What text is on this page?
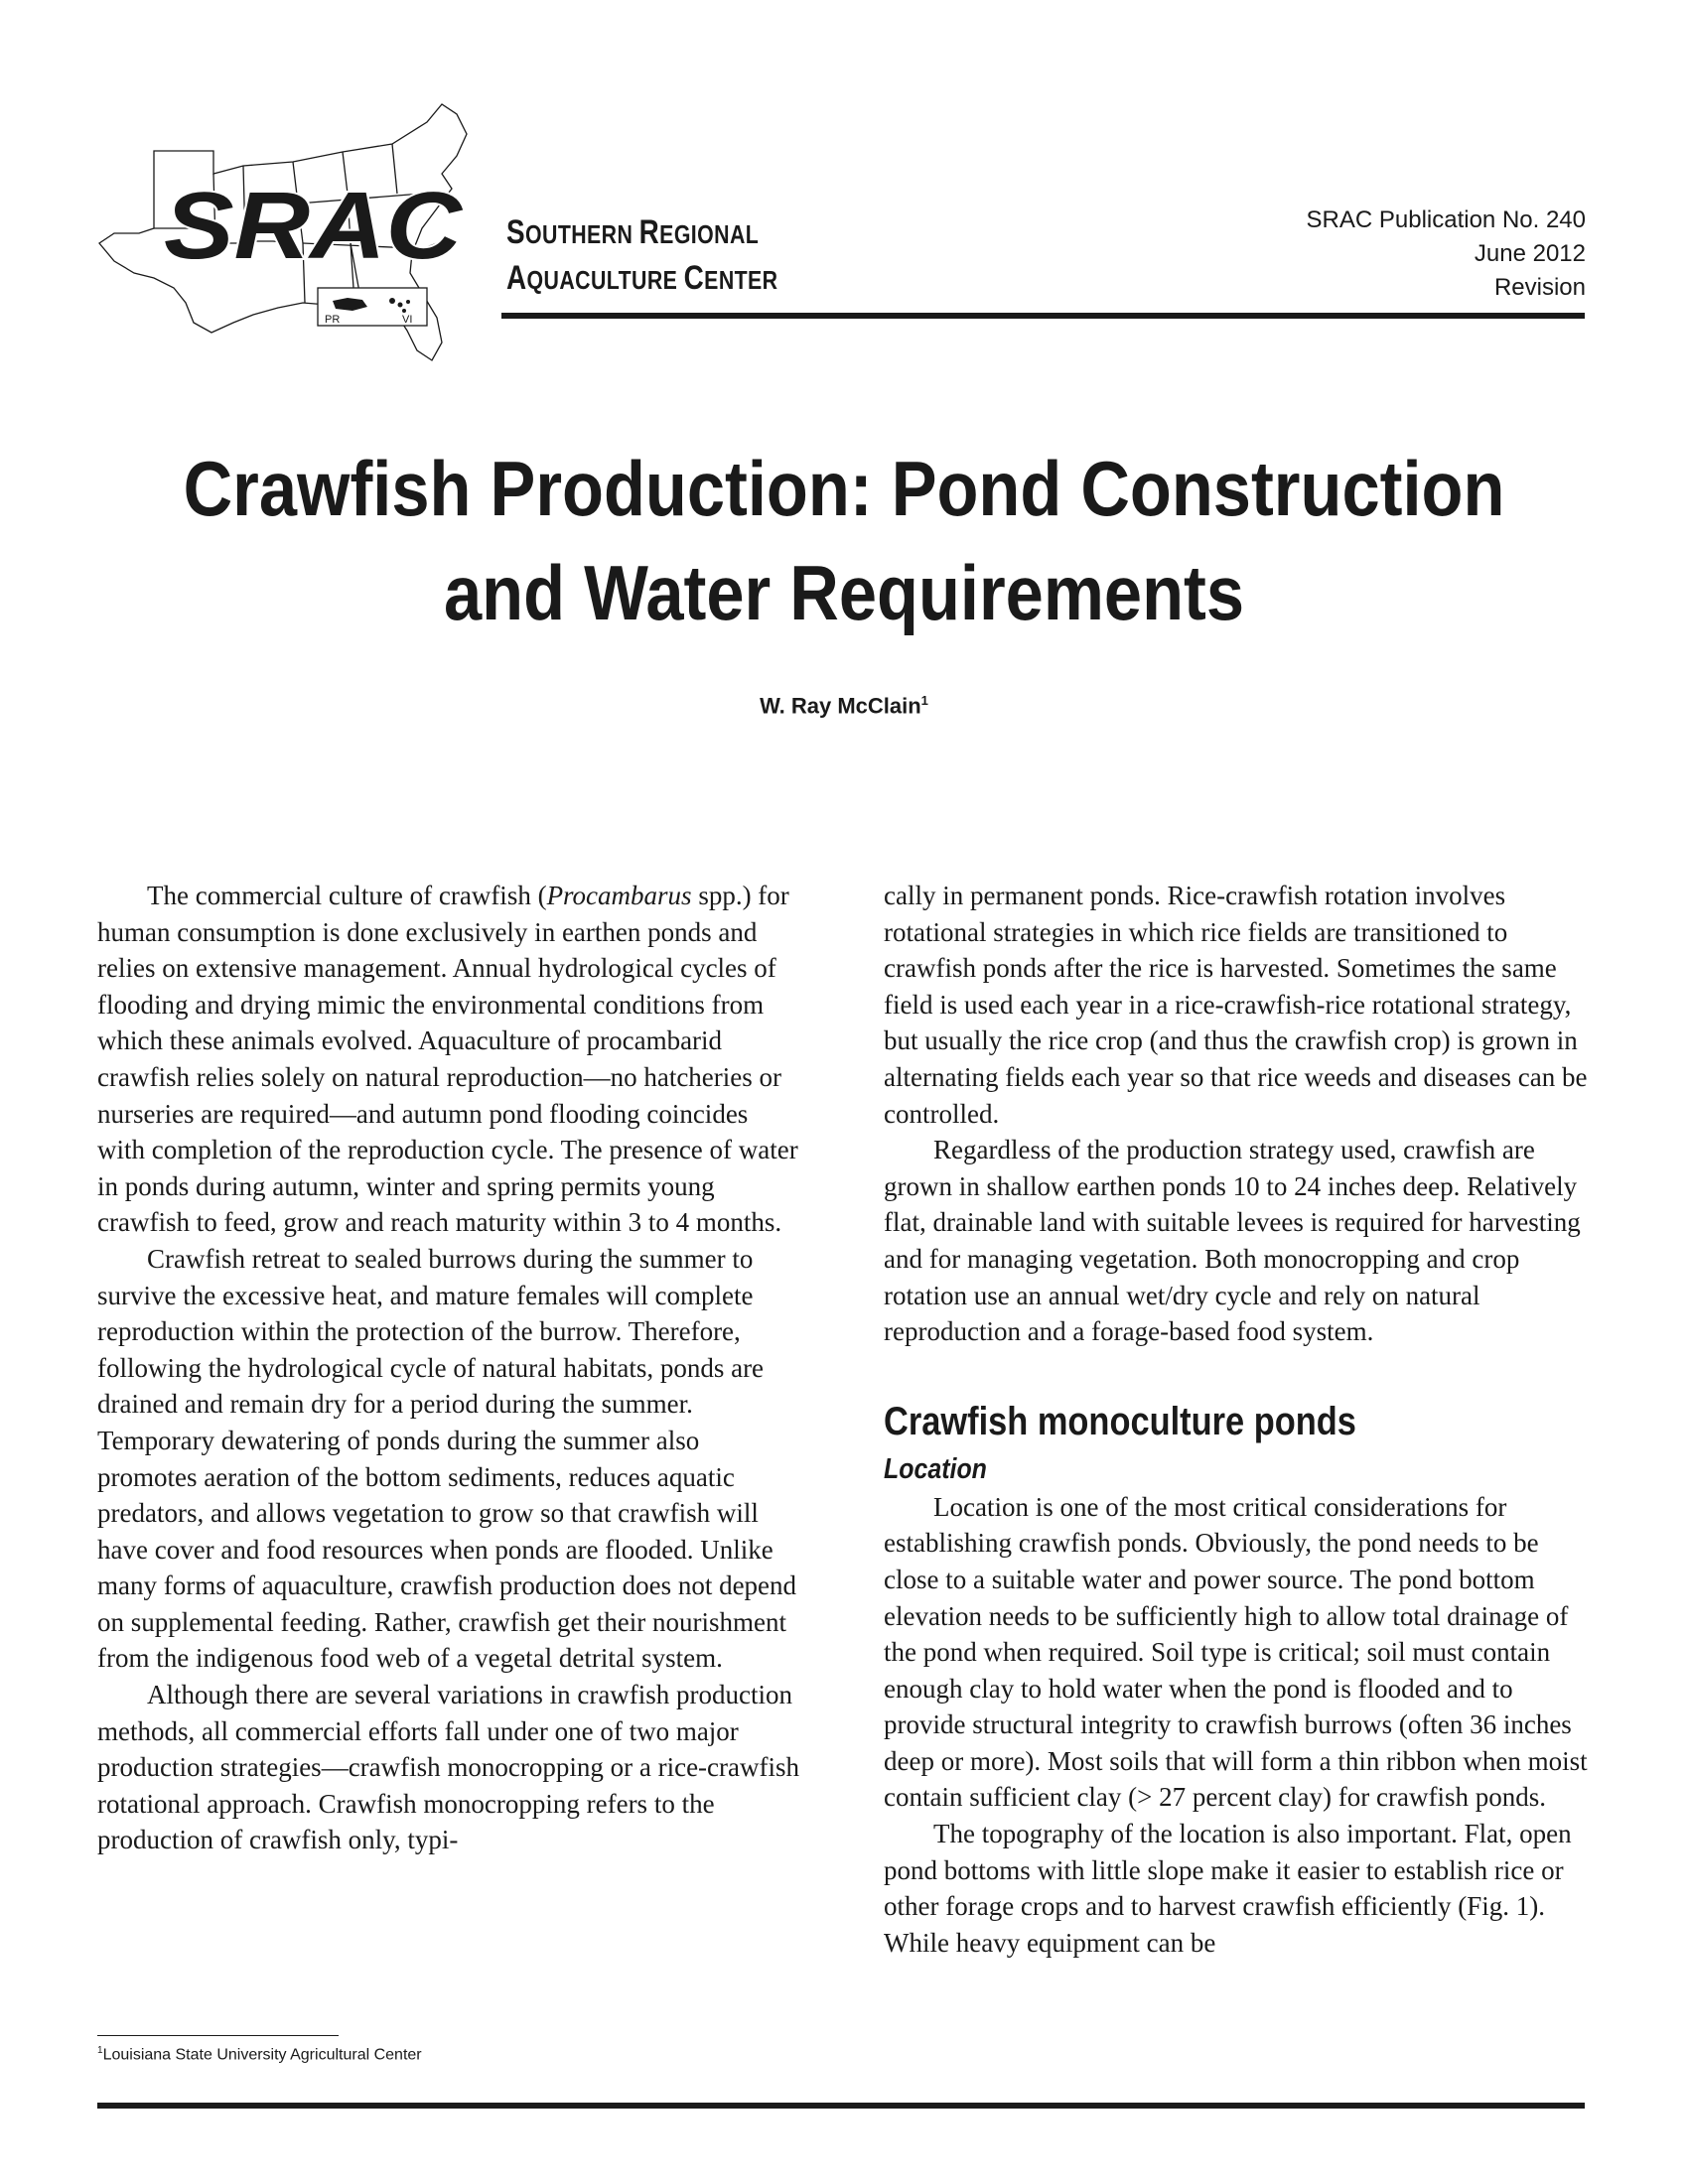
PR	VI
SRAC SOUTHERN REGIONAL
AQUACULTURE CENTER
SRAC Publication No. 240
June 2012
Revision
Crawfish Production: Pond Construction
and Water Requirements
W. Ray McClain$^1$

The commercial culture of crawfish (Procambarus spp.) for human consumption is done exclusively in earthen ponds and relies on extensive management. Annual hydrological cycles of flooding and drying mimic the environmental conditions from which these animals evolved. Aquaculture of procambarid crawfish relies solely on natural reproduction—no hatcheries or nurseries are required—and autumn pond flooding coincides with completion of the reproduction cycle. The presence of water in ponds during autumn, winter and spring permits young crawfish to feed, grow and reach maturity within 3 to 4 months.

Crawfish retreat to sealed burrows during the summer to survive the excessive heat, and mature females will complete reproduction within the protection of the burrow. Therefore, following the hydrological cycle of natural habitats, ponds are drained and remain dry for a period during the summer. Temporary dewatering of ponds during the summer also promotes aeration of the bottom sediments, reduces aquatic predators, and allows vegetation to grow so that crawfish will have cover and food resources when ponds are flooded. Unlike many forms of aquaculture, crawfish production does not depend on supplemental feeding. Rather, crawfish get their nourishment from the indigenous food web of a vegetal detrital system.

Although there are several variations in crawfish production methods, all commercial efforts fall under one of two major production strategies—crawfish monocropping or a rice-crawfish rotational approach. Crawfish monocropping refers to the production of crawfish only, typi-

cally in permanent ponds. Rice-crawfish rotation involves rotational strategies in which rice fields are transitioned to crawfish ponds after the rice is harvested. Sometimes the same field is used each year in a rice-crawfish-rice rotational strategy, but usually the rice crop (and thus the crawfish crop) is grown in alternating fields each year so that rice weeds and diseases can be controlled.

Regardless of the production strategy used, crawfish are grown in shallow earthen ponds 10 to 24 inches deep. Relatively flat, drainable land with suitable levees is required for harvesting and for managing vegetation. Both monocropping and crop rotation use an annual wet/dry cycle and rely on natural reproduction and a forage-based food system.

Crawfish monoculture ponds
Location

Location is one of the most critical considerations for establishing crawfish ponds. Obviously, the pond needs to be close to a suitable water and power source. The pond bottom elevation needs to be sufficiently high to allow total drainage of the pond when required. Soil type is critical; soil must contain enough clay to hold water when the pond is flooded and to provide structural integrity to crawfish burrows (often 36 inches deep or more). Most soils that will form a thin ribbon when moist contain sufficient clay (> 27 percent clay) for crawfish ponds.

The topography of the location is also important. Flat, open pond bottoms with little slope make it easier to establish rice or other forage crops and to harvest crawfish efficiently (Fig. 1). While heavy equipment can be

$^1$Louisiana State University Agricultural Center
